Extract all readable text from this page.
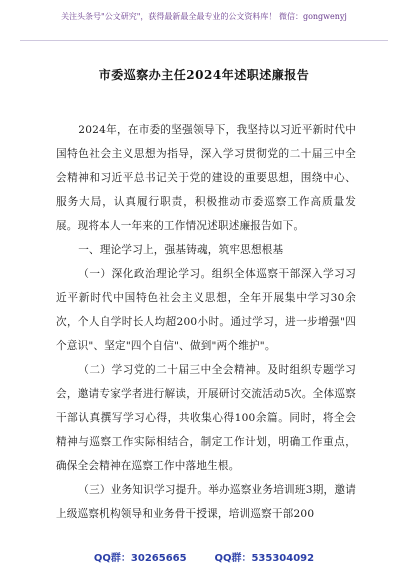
关注头条号"公文研究"，获得最新最全最专业的公文资料库！ 微信：gongwenyj
市委巡察办主任2024年述职述廉报告

2024年，在市委的坚强领导下，我坚持以习近平新时代中国特色社会主义思想为指导，深入学习贯彻党的二十届三中全会精神和习近平总书记关于党的建设的重要思想，围绕中心、服务大局，认真履行职责，积极推动市委巡察工作高质量发展。现将本人一年来的工作情况述职述廉报告如下。

一、理论学习上，强基铸魂，筑牢思想根基

（一）深化政治理论学习。组织全体巡察干部深入学习习近平新时代中国特色社会主义思想，全年开展集中学习30余次，个人自学时长人均超200小时。通过学习，进一步增强"四个意识"、坚定"四个自信"、做到"两个维护"。

（二）学习党的二十届三中全会精神。及时组织专题学习会，邀请专家学者进行解读，开展研讨交流活动5次。全体巡察干部认真撰写学习心得，共收集心得100余篇。同时，将全会精神与巡察工作实际相结合，制定工作计划，明确工作重点，确保全会精神在巡察工作中落地生根。

（三）业务知识学习提升。举办巡察业务培训班3期，邀请上级巡察机构领导和业务骨干授课，培训巡察干部200

QQ群：30265665        QQ群：535304092
